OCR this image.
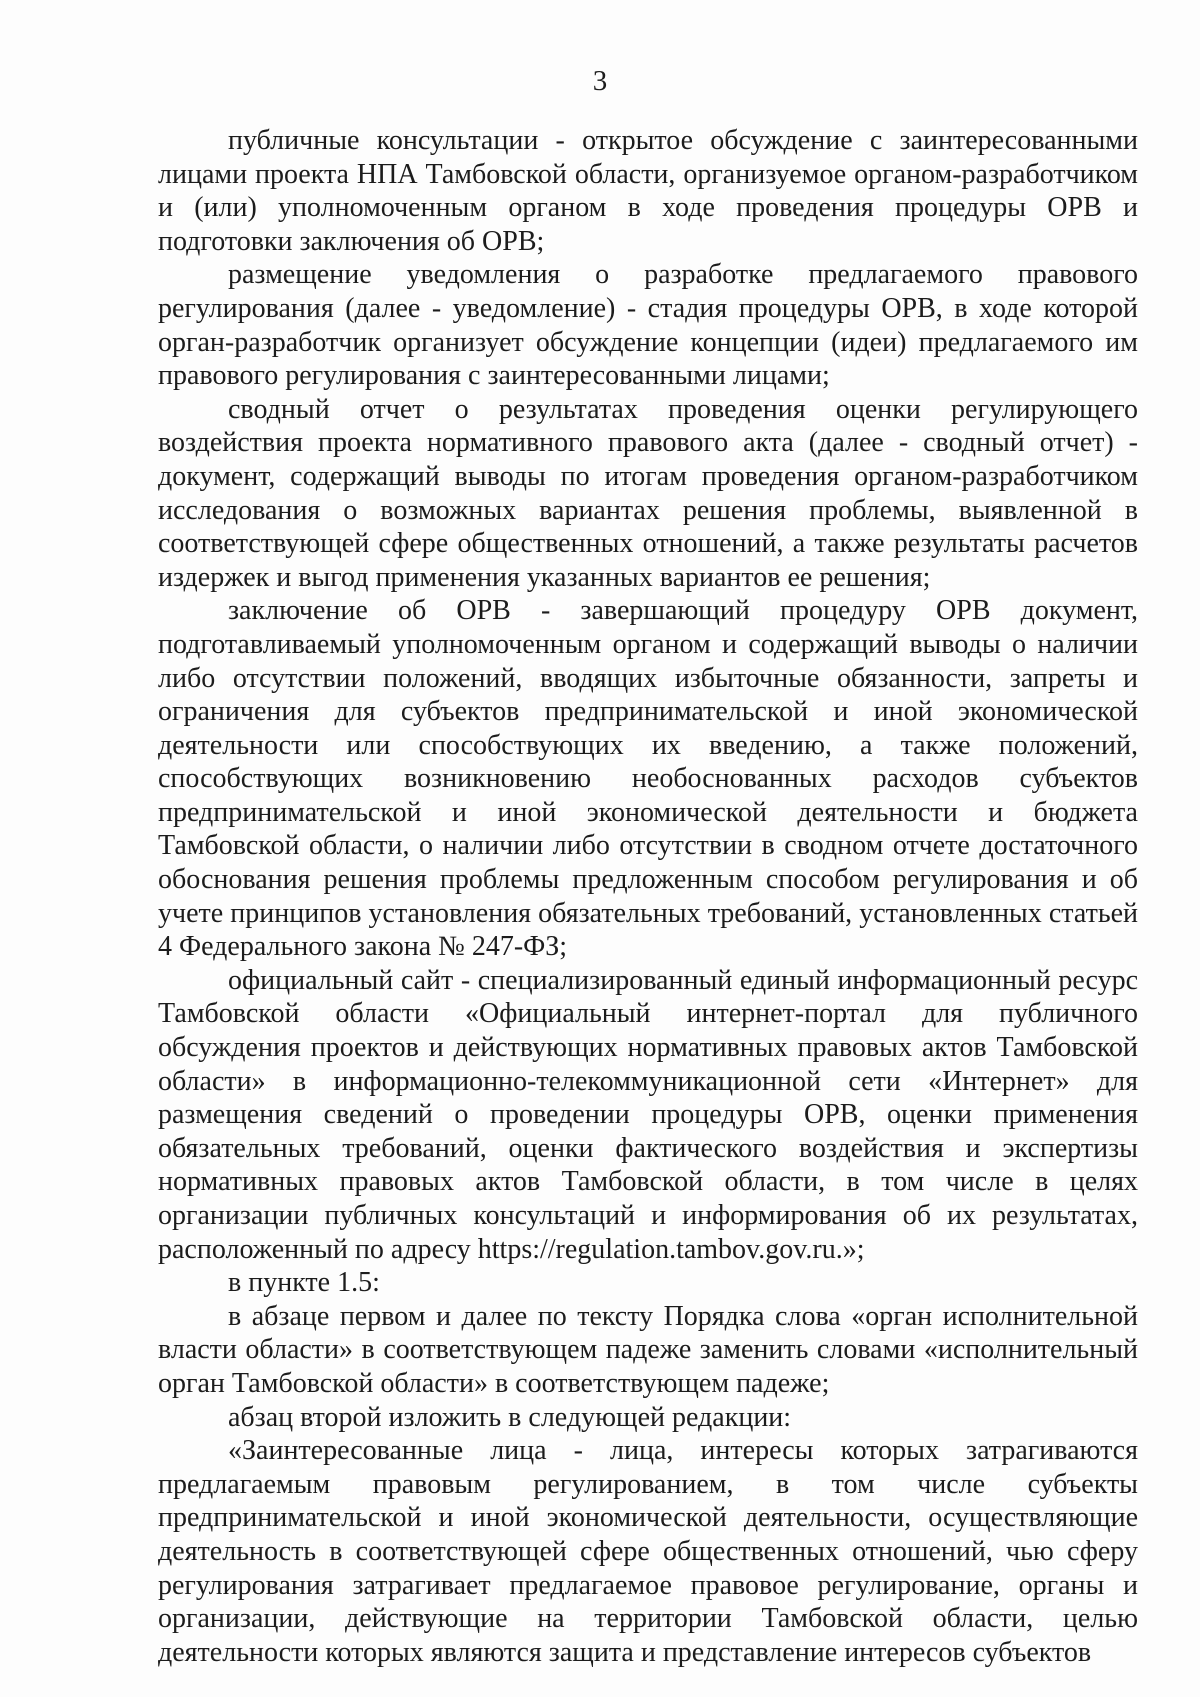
3

публичные консультации - открытое обсуждение с заинтересованными лицами проекта НПА Тамбовской области, организуемое органом-разработчиком и (или) уполномоченным органом в ходе проведения процедуры ОРВ и подготовки заключения об ОРВ;

размещение уведомления о разработке предлагаемого правового регулирования (далее - уведомление) - стадия процедуры ОРВ, в ходе которой орган-разработчик организует обсуждение концепции (идеи) предлагаемого им правового регулирования с заинтересованными лицами;

сводный отчет о результатах проведения оценки регулирующего воздействия проекта нормативного правового акта (далее - сводный отчет) - документ, содержащий выводы по итогам проведения органом-разработчиком исследования о возможных вариантах решения проблемы, выявленной в соответствующей сфере общественных отношений, а также результаты расчетов издержек и выгод применения указанных вариантов ее решения;

заключение об ОРВ - завершающий процедуру ОРВ документ, подготавливаемый уполномоченным органом и содержащий выводы о наличии либо отсутствии положений, вводящих избыточные обязанности, запреты и ограничения для субъектов предпринимательской и иной экономической деятельности или способствующих их введению, а также положений, способствующих возникновению необоснованных расходов субъектов предпринимательской и иной экономической деятельности и бюджета Тамбовской области, о наличии либо отсутствии в сводном отчете достаточного обоснования решения проблемы предложенным способом регулирования и об учете принципов установления обязательных требований, установленных статьей 4 Федерального закона № 247-ФЗ;

официальный сайт - специализированный единый информационный ресурс Тамбовской области «Официальный интернет-портал для публичного обсуждения проектов и действующих нормативных правовых актов Тамбовской области» в информационно-телекоммуникационной сети «Интернет» для размещения сведений о проведении процедуры ОРВ, оценки применения обязательных требований, оценки фактического воздействия и экспертизы нормативных правовых актов Тамбовской области, в том числе в целях организации публичных консультаций и информирования об их результатах, расположенный по адресу https://regulation.tambov.gov.ru.»;

в пункте 1.5:

в абзаце первом и далее по тексту Порядка слова «орган исполнительной власти области» в соответствующем падеже заменить словами «исполнительный орган Тамбовской области» в соответствующем падеже;

абзац второй изложить в следующей редакции:

«Заинтересованные лица - лица, интересы которых затрагиваются предлагаемым правовым регулированием, в том числе субъекты предпринимательской и иной экономической деятельности, осуществляющие деятельность в соответствующей сфере общественных отношений, чью сферу регулирования затрагивает предлагаемое правовое регулирование, органы и организации, действующие на территории Тамбовской области, целью деятельности которых являются защита и представление интересов субъектов
